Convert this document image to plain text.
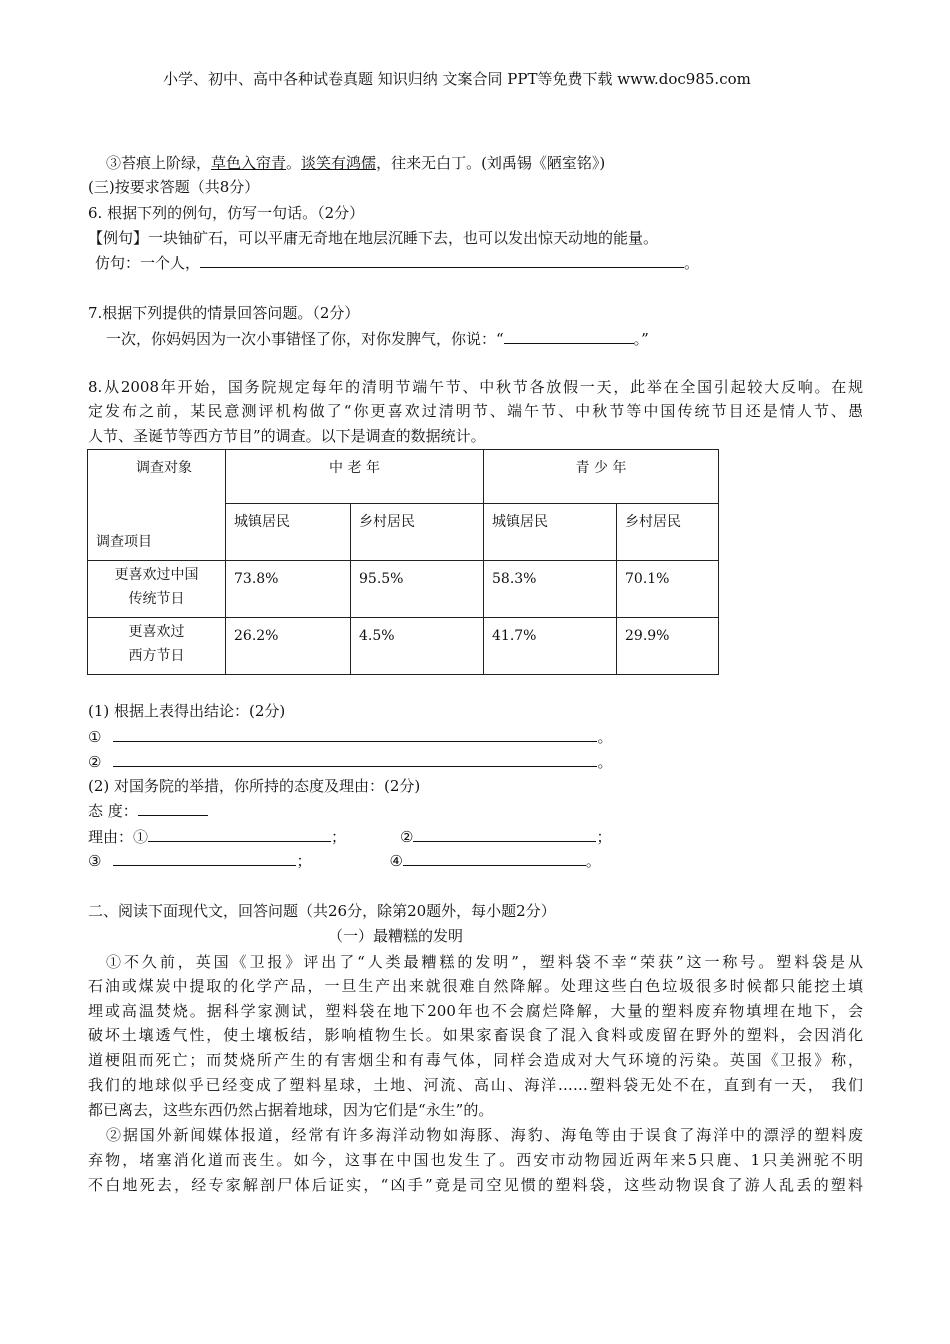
小学、初中、高中各种试卷真题 知识归纳 文案合同 PPT等免费下载 www.doc985.com
③苔痕上阶绿，草色入帘青。谈笑有鸿儒，往来无白丁。(刘禹锡《陋室铭》)
(三)按要求答题（共8分）
6. 根据下列的例句，仿写一句话。（2分）
【例句】一块铀矿石，可以平庸无奇地在地层沉睡下去，也可以发出惊天动地的能量。
仿句：一个人，	。
7.根据下列提供的情景回答问题。（2分）
一次，你妈妈因为一次小事错怪了你，对你发脾气，你说：“	。”
8.从2008年开始，国务院规定每年的清明节端午节、中秋节各放假一天，此举在全国引起较大反响。在规
定发布之前，某民意测评机构做了“你更喜欢过清明节、端午节、中秋节等中国传统节目还是情人节、愚
人节、圣诞节等西方节目”的调查。以下是调查的数据统计。
调查对象
调查项目	中 老 年		青 少 年	
	城镇居民	乡村居民	城镇居民	乡村居民

更喜欢过中国
传统节日	73.8%	95.5%	58.3%	70.1%

更喜欢过
西方节日	26.2%	4.5%	41.7%	29.9%
(1) 根据上表得出结论：(2分)
①	。
②	。
(2) 对国务院的举措，你所持的态度及理由：(2分)
态 度：
理由：①	；	②	；
③	；	④	。
二、阅读下面现代文，回答问题（共26分，除第20题外，每小题2分）
（一）最糟糕的发明
①不久前，英国《卫报》评出了“人类最糟糕的发明”，塑料袋不幸“荣获”这一称号。塑料袋是从
石油或煤炭中提取的化学产品，一旦生产出来就很难自然降解。处理这些白色垃圾很多时候都只能挖土填
埋或高温焚烧。据科学家测试，塑料袋在地下200年也不会腐烂降解，大量的塑料废弃物填埋在地下，会
破坏土壤透气性，使土壤板结，影响植物生长。如果家畜误食了混入食料或废留在野外的塑料，会因消化
道梗阻而死亡；而焚烧所产生的有害烟尘和有毒气体，同样会造成对大气环境的污染。英国《卫报》称，
我们的地球似乎已经变成了塑料星球，土地、河流、高山、海洋……塑料袋无处不在，直到有一天， 我们
都已离去，这些东西仍然占据着地球，因为它们是“永生”的。
②据国外新闻媒体报道，经常有许多海洋动物如海豚、海豹、海龟等由于误食了海洋中的漂浮的塑料废
弃物，堵塞消化道而丧生。如今，这事在中国也发生了。西安市动物园近两年来5只鹿、1只美洲驼不明
不白地死去，经专家解剖尸体后证实，“凶手”竟是司空见惯的塑料袋，这些动物误食了游人乱丢的塑料
